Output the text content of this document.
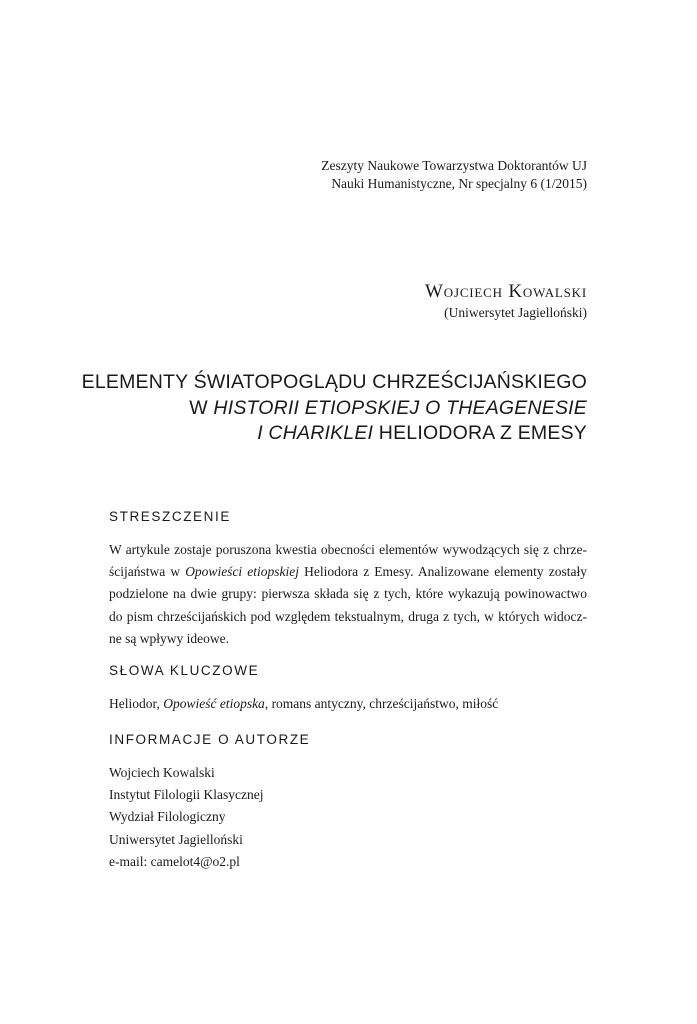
Zeszyty Naukowe Towarzystwa Doktorantów UJ
Nauki Humanistyczne, Nr specjalny 6 (1/2015)
Wojciech Kowalski
(Uniwersytet Jagielloński)
ELEMENTY ŚWIATOPOGLĄDU CHRZEŚCIJAŃSKIEGO
W HISTORII ETIOPSKIEJ O THEAGENESIE
I CHARIKLEI HELIODORA Z EMESY
STRESZCZENIE
W artykule zostaje poruszona kwestia obecności elementów wywodzących się z chrze-
ścijaństwa w Opowieści etiopskiej Heliodora z Emesy. Analizowane elementy zostały
podzielone na dwie grupy: pierwsza składa się z tych, które wykazują powinowactwo
do pism chrześcijańskich pod względem tekstualnym, druga z tych, w których widocz-
ne są wpływy ideowe.
SŁOWA KLUCZOWE
Heliodor, Opowieść etiopska, romans antyczny, chrześcijaństwo, miłość
INFORMACJE O AUTORZE
Wojciech Kowalski
Instytut Filologii Klasycznej
Wydział Filologiczny
Uniwersytet Jagielloński
e-mail: camelot4@o2.pl
